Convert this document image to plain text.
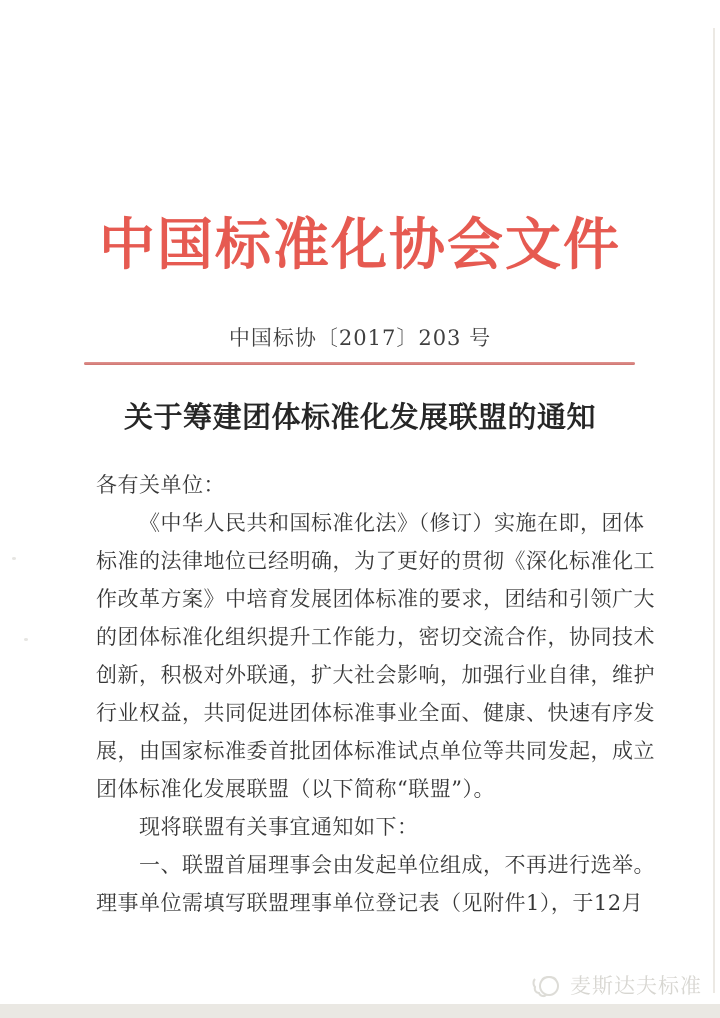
中国标准化协会文件
中国标协〔2017〕203 号
关于筹建团体标准化发展联盟的通知
各有关单位：
《中华人民共和国标准化法》（修订）实施在即，团体
标准的法律地位已经明确，为了更好的贯彻《深化标准化工
作改革方案》中培育发展团体标准的要求，团结和引领广大
的团体标准化组织提升工作能力，密切交流合作，协同技术
创新，积极对外联通，扩大社会影响，加强行业自律，维护
行业权益，共同促进团体标准事业全面、健康、快速有序发
展，由国家标准委首批团体标准试点单位等共同发起，成立
团体标准化发展联盟（以下简称“联盟”）。
现将联盟有关事宜通知如下：
一、联盟首届理事会由发起单位组成，不再进行选举。
理事单位需填写联盟理事单位登记表（见附件1），于12月
麦斯达夫标准
